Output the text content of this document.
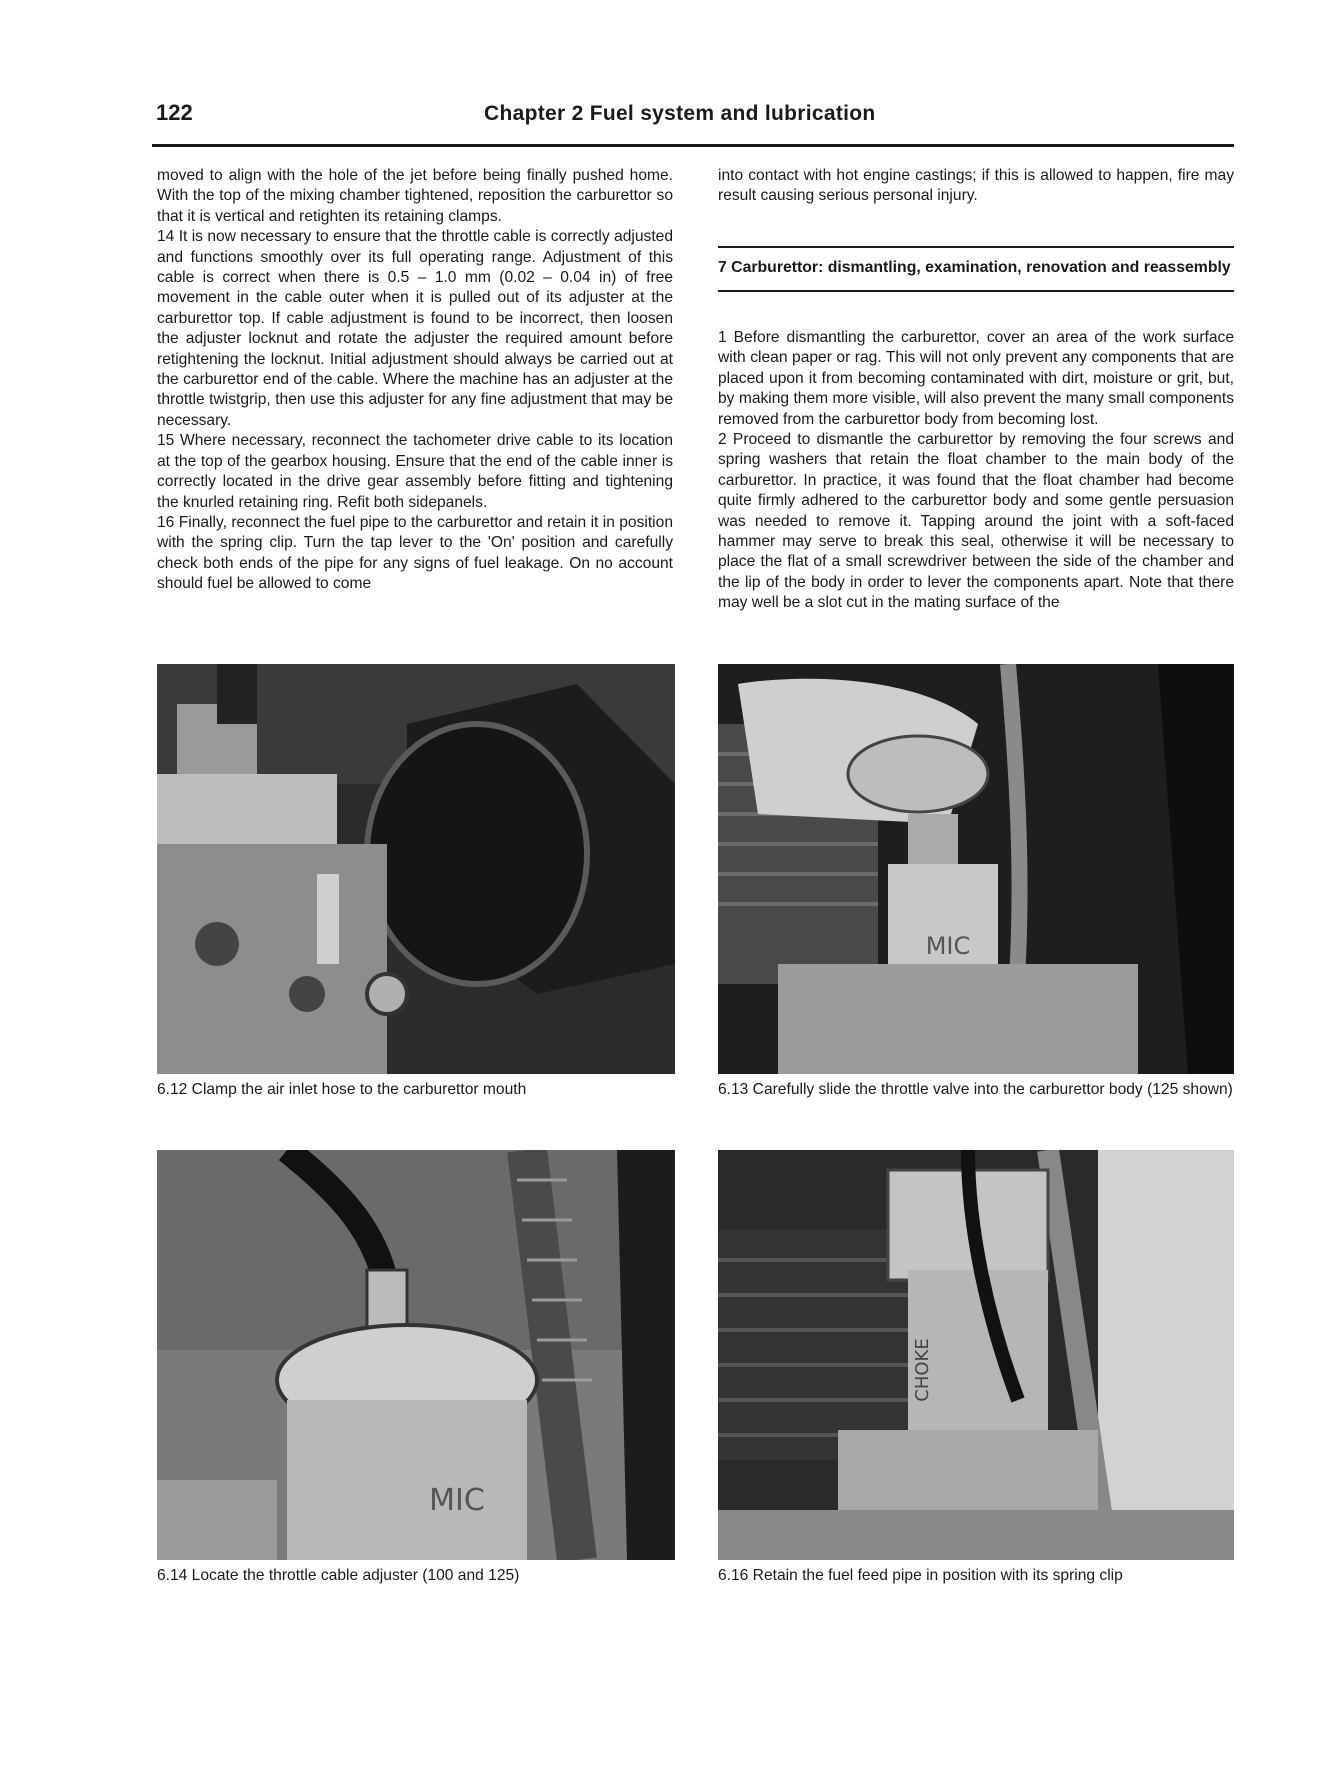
122	Chapter 2 Fuel system and lubrication

moved to align with the hole of the jet before being finally pushed home. With the top of the mixing chamber tightened, reposition the carburettor so that it is vertical and retighten its retaining clamps.

14 It is now necessary to ensure that the throttle cable is correctly adjusted and functions smoothly over its full operating range. Adjustment of this cable is correct when there is 0.5 – 1.0 mm (0.02 – 0.04 in) of free movement in the cable outer when it is pulled out of its adjuster at the carburettor top. If cable adjustment is found to be incorrect, then loosen the adjuster locknut and rotate the adjuster the required amount before retightening the locknut. Initial adjustment should always be carried out at the carburettor end of the cable. Where the machine has an adjuster at the throttle twistgrip, then use this adjuster for any fine adjustment that may be necessary.

15 Where necessary, reconnect the tachometer drive cable to its location at the top of the gearbox housing. Ensure that the end of the cable inner is correctly located in the drive gear assembly before fitting and tightening the knurled retaining ring. Refit both sidepanels.

16 Finally, reconnect the fuel pipe to the carburettor and retain it in position with the spring clip. Turn the tap lever to the 'On' position and carefully check both ends of the pipe for any signs of fuel leakage. On no account should fuel be allowed to come

into contact with hot engine castings; if this is allowed to happen, fire may result causing serious personal injury.

7 Carburettor: dismantling, examination, renovation and reassembly

1 Before dismantling the carburettor, cover an area of the work surface with clean paper or rag. This will not only prevent any components that are placed upon it from becoming contaminated with dirt, moisture or grit, but, by making them more visible, will also prevent the many small components removed from the carburettor body from becoming lost.

2 Proceed to dismantle the carburettor by removing the four screws and spring washers that retain the float chamber to the main body of the carburettor. In practice, it was found that the float chamber had become quite firmly adhered to the carburettor body and some gentle persuasion was needed to remove it. Tapping around the joint with a soft-faced hammer may serve to break this seal, otherwise it will be necessary to place the flat of a small screwdriver between the side of the chamber and the lip of the body in order to lever the components apart. Note that there may well be a slot cut in the mating surface of the

6.12 Clamp the air inlet hose to the carburettor mouth
MIC
6.13 Carefully slide the throttle valve into the carburettor body (125 shown)
MIC
6.14 Locate the throttle cable adjuster (100 and 125)
CHOKE
6.16 Retain the fuel feed pipe in position with its spring clip
